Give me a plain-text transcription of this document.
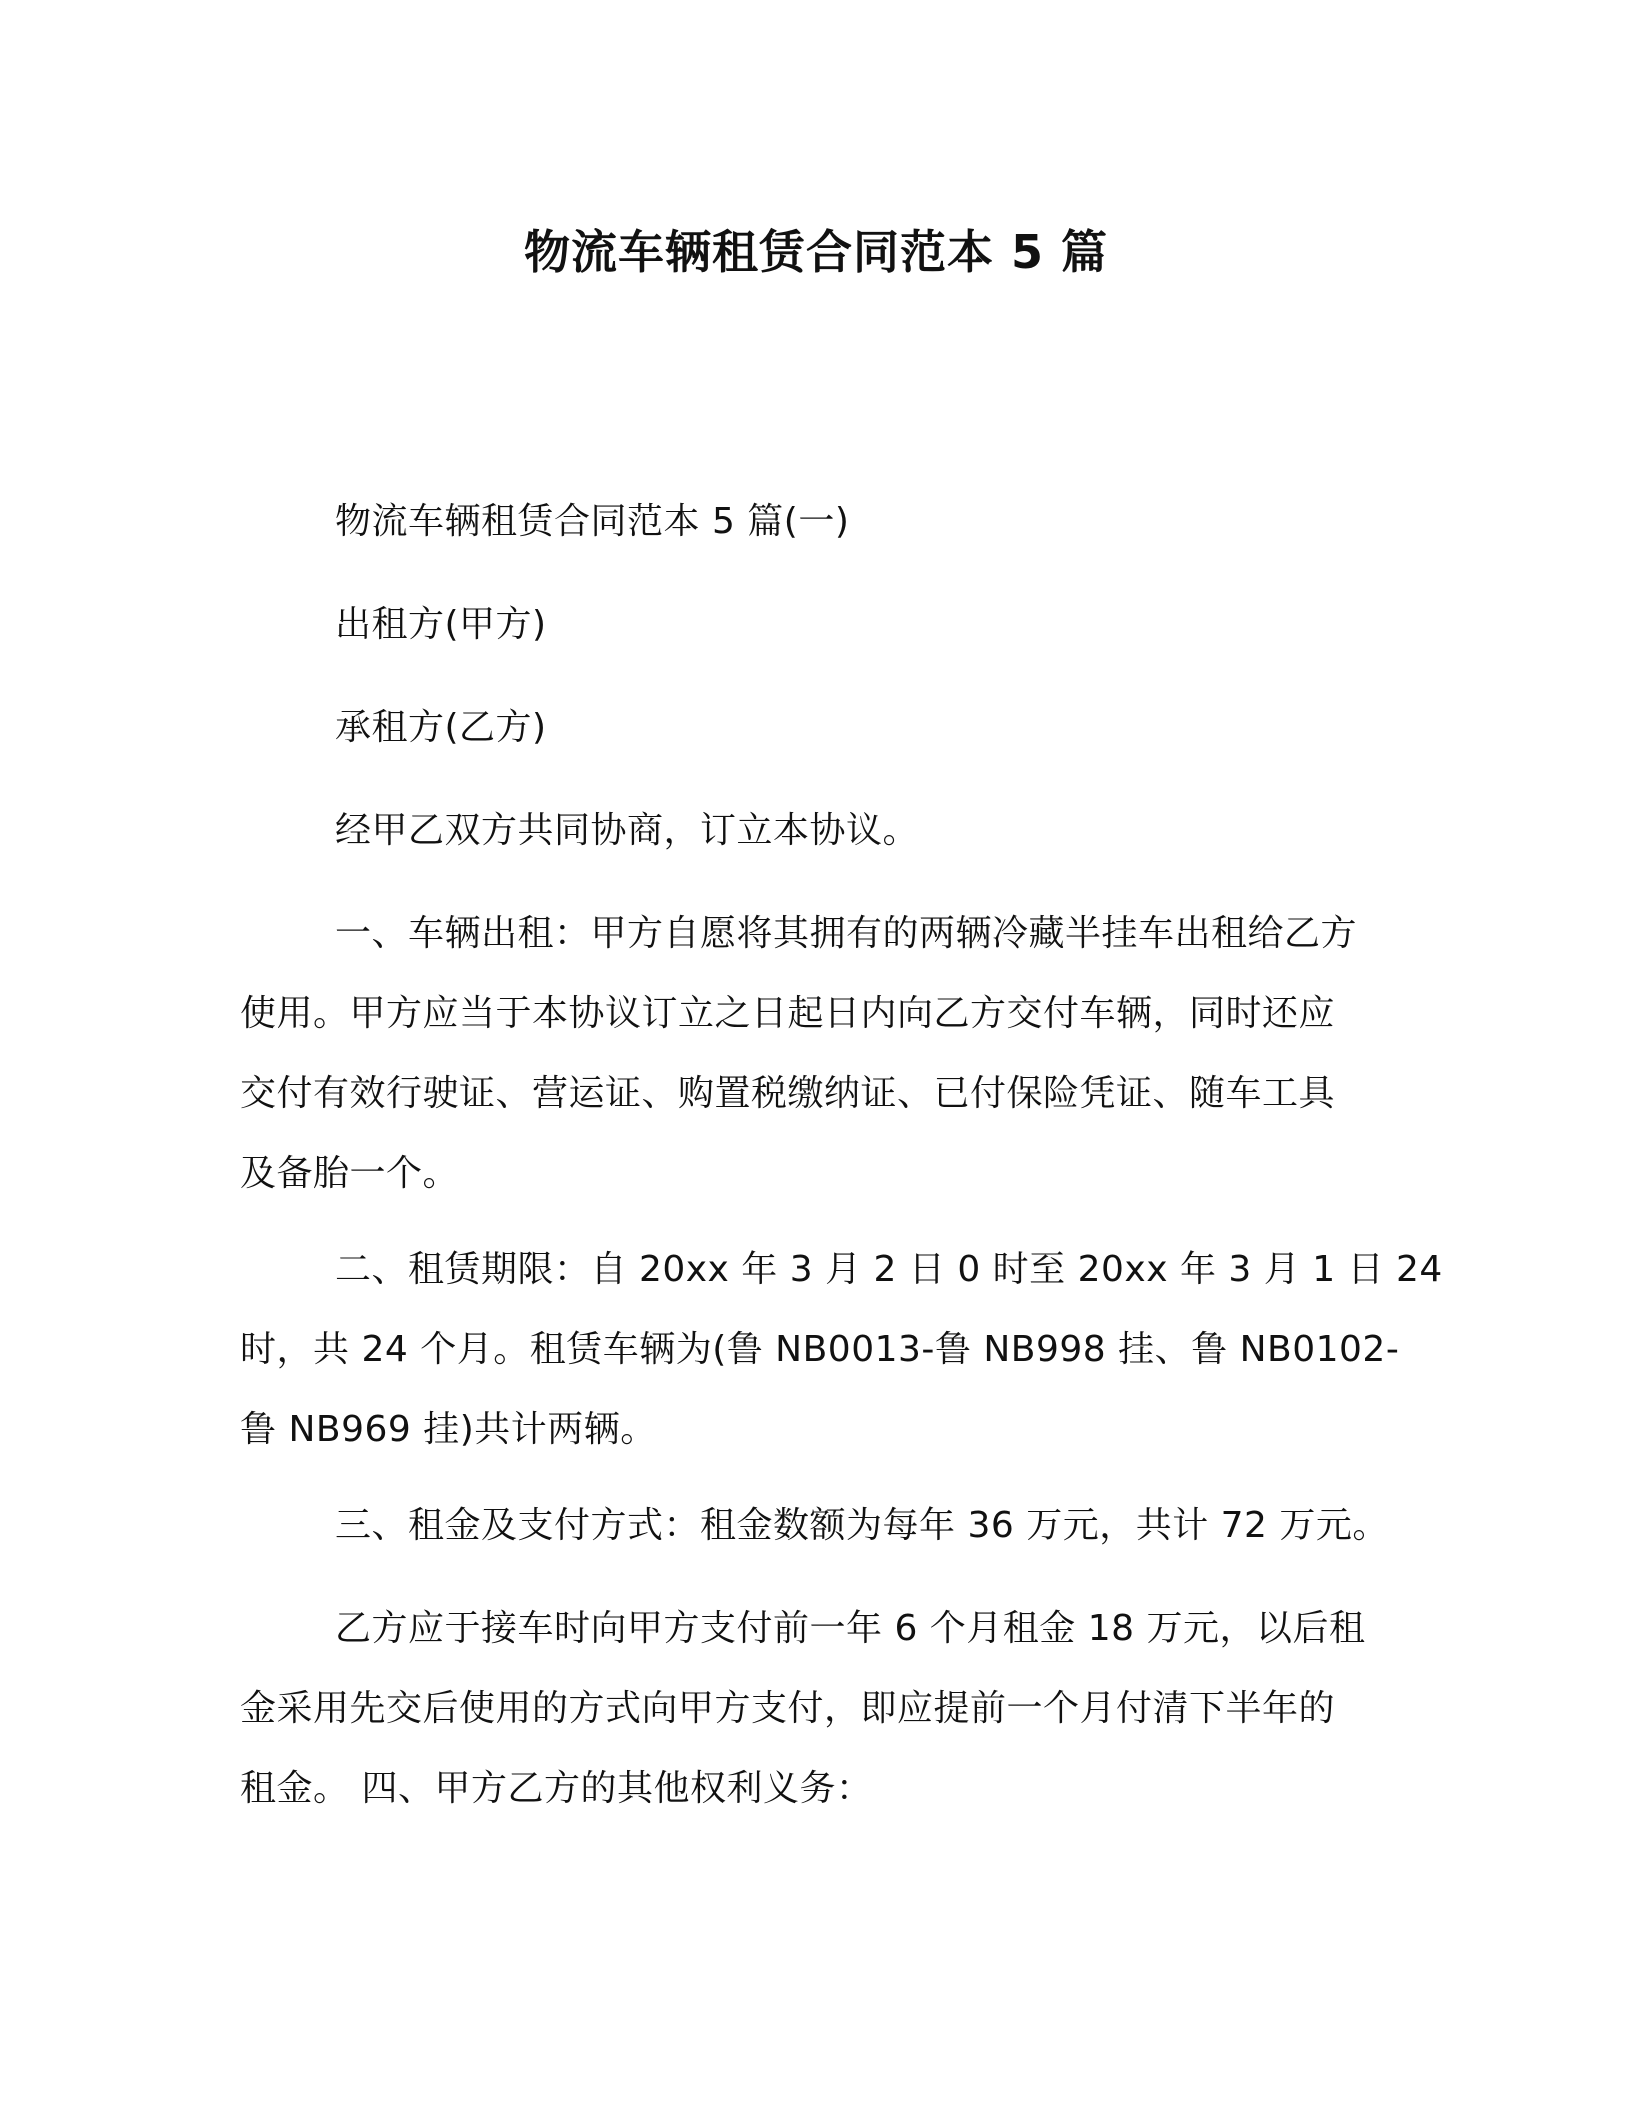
物流车辆租赁合同范本 5 篇
物流车辆租赁合同范本 5 篇(一)
出租方(甲方)
承租方(乙方)
经甲乙双方共同协商，订立本协议。
一、车辆出租：甲方自愿将其拥有的两辆冷藏半挂车出租给乙方
使用。甲方应当于本协议订立之日起日内向乙方交付车辆，同时还应
交付有效行驶证、营运证、购置税缴纳证、已付保险凭证、随车工具
及备胎一个。
二、租赁期限：自 20xx 年 3 月 2 日 0 时至 20xx 年 3 月 1 日 24
时，共 24 个月。租赁车辆为(鲁 NB0013-鲁 NB998 挂、鲁 NB0102-
鲁 NB969 挂)共计两辆。
三、租金及支付方式：租金数额为每年 36 万元，共计 72 万元。
乙方应于接车时向甲方支付前一年 6 个月租金 18 万元，以后租
金采用先交后使用的方式向甲方支付，即应提前一个月付清下半年的
租金。 四、甲方乙方的其他权利义务：
